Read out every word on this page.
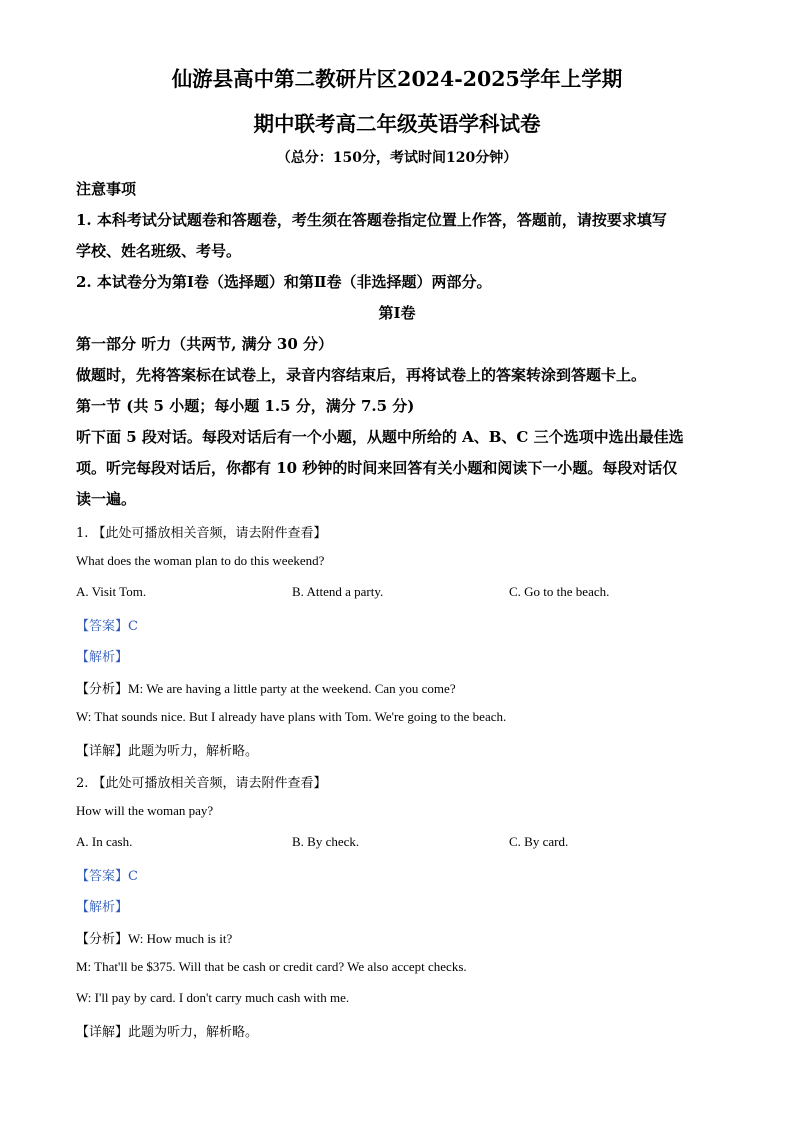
仙游县高中第二教研片区2024-2025学年上学期
期中联考高二年级英语学科试卷
（总分：150分，考试时间120分钟）
注意事项
1. 本科考试分试题卷和答题卷，考生须在答题卷指定位置上作答，答题前，请按要求填写
学校、姓名班级、考号。
2. 本试卷分为第Ⅰ卷（选择题）和第Ⅱ卷（非选择题）两部分。
第Ⅰ卷
第一部分 听力（共两节, 满分 30 分）
做题时，先将答案标在试卷上，录音内容结束后，再将试卷上的答案转涂到答题卡上。
第一节 (共 5 小题；每小题 1.5 分，满分 7.5 分)
听下面 5 段对话。每段对话后有一个小题，从题中所给的 A、B、C 三个选项中选出最佳选
项。听完每段对话后，你都有 10 秒钟的时间来回答有关小题和阅读下一小题。每段对话仅
读一遍。
1. 【此处可播放相关音频，请去附件查看】
What does the woman plan to do this weekend?
A. Visit Tom.	B. Attend a party.	C. Go to the beach.
【答案】C
【解析】
【分析】M: We are having a little party at the weekend. Can you come?
W: That sounds nice. But I already have plans with Tom. We're going to the beach.
【详解】此题为听力，解析略。
2. 【此处可播放相关音频，请去附件查看】
How will the woman pay?
A. In cash.	B. By check.	C. By card.
【答案】C
【解析】
【分析】W: How much is it?
M: That'll be $375. Will that be cash or credit card? We also accept checks.
W: I'll pay by card. I don't carry much cash with me.
【详解】此题为听力，解析略。
